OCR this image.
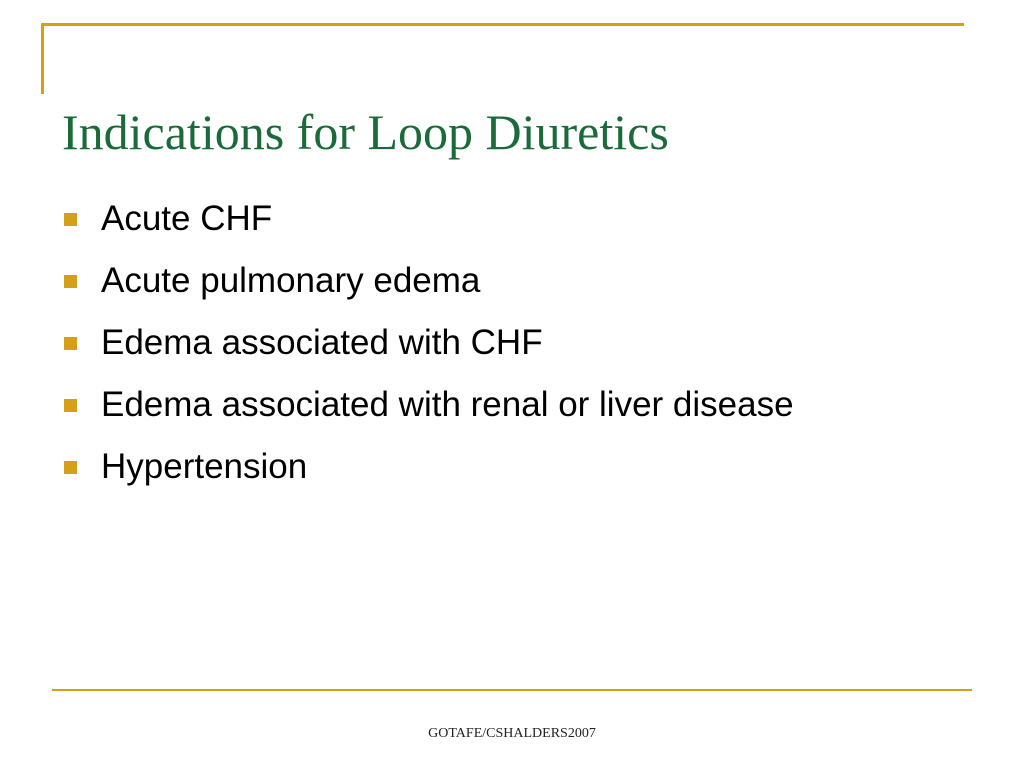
Indications for Loop Diuretics
Acute CHF
Acute pulmonary edema
Edema associated with CHF
Edema associated with renal or liver disease
Hypertension
GOTAFE/CSHALDERS2007
